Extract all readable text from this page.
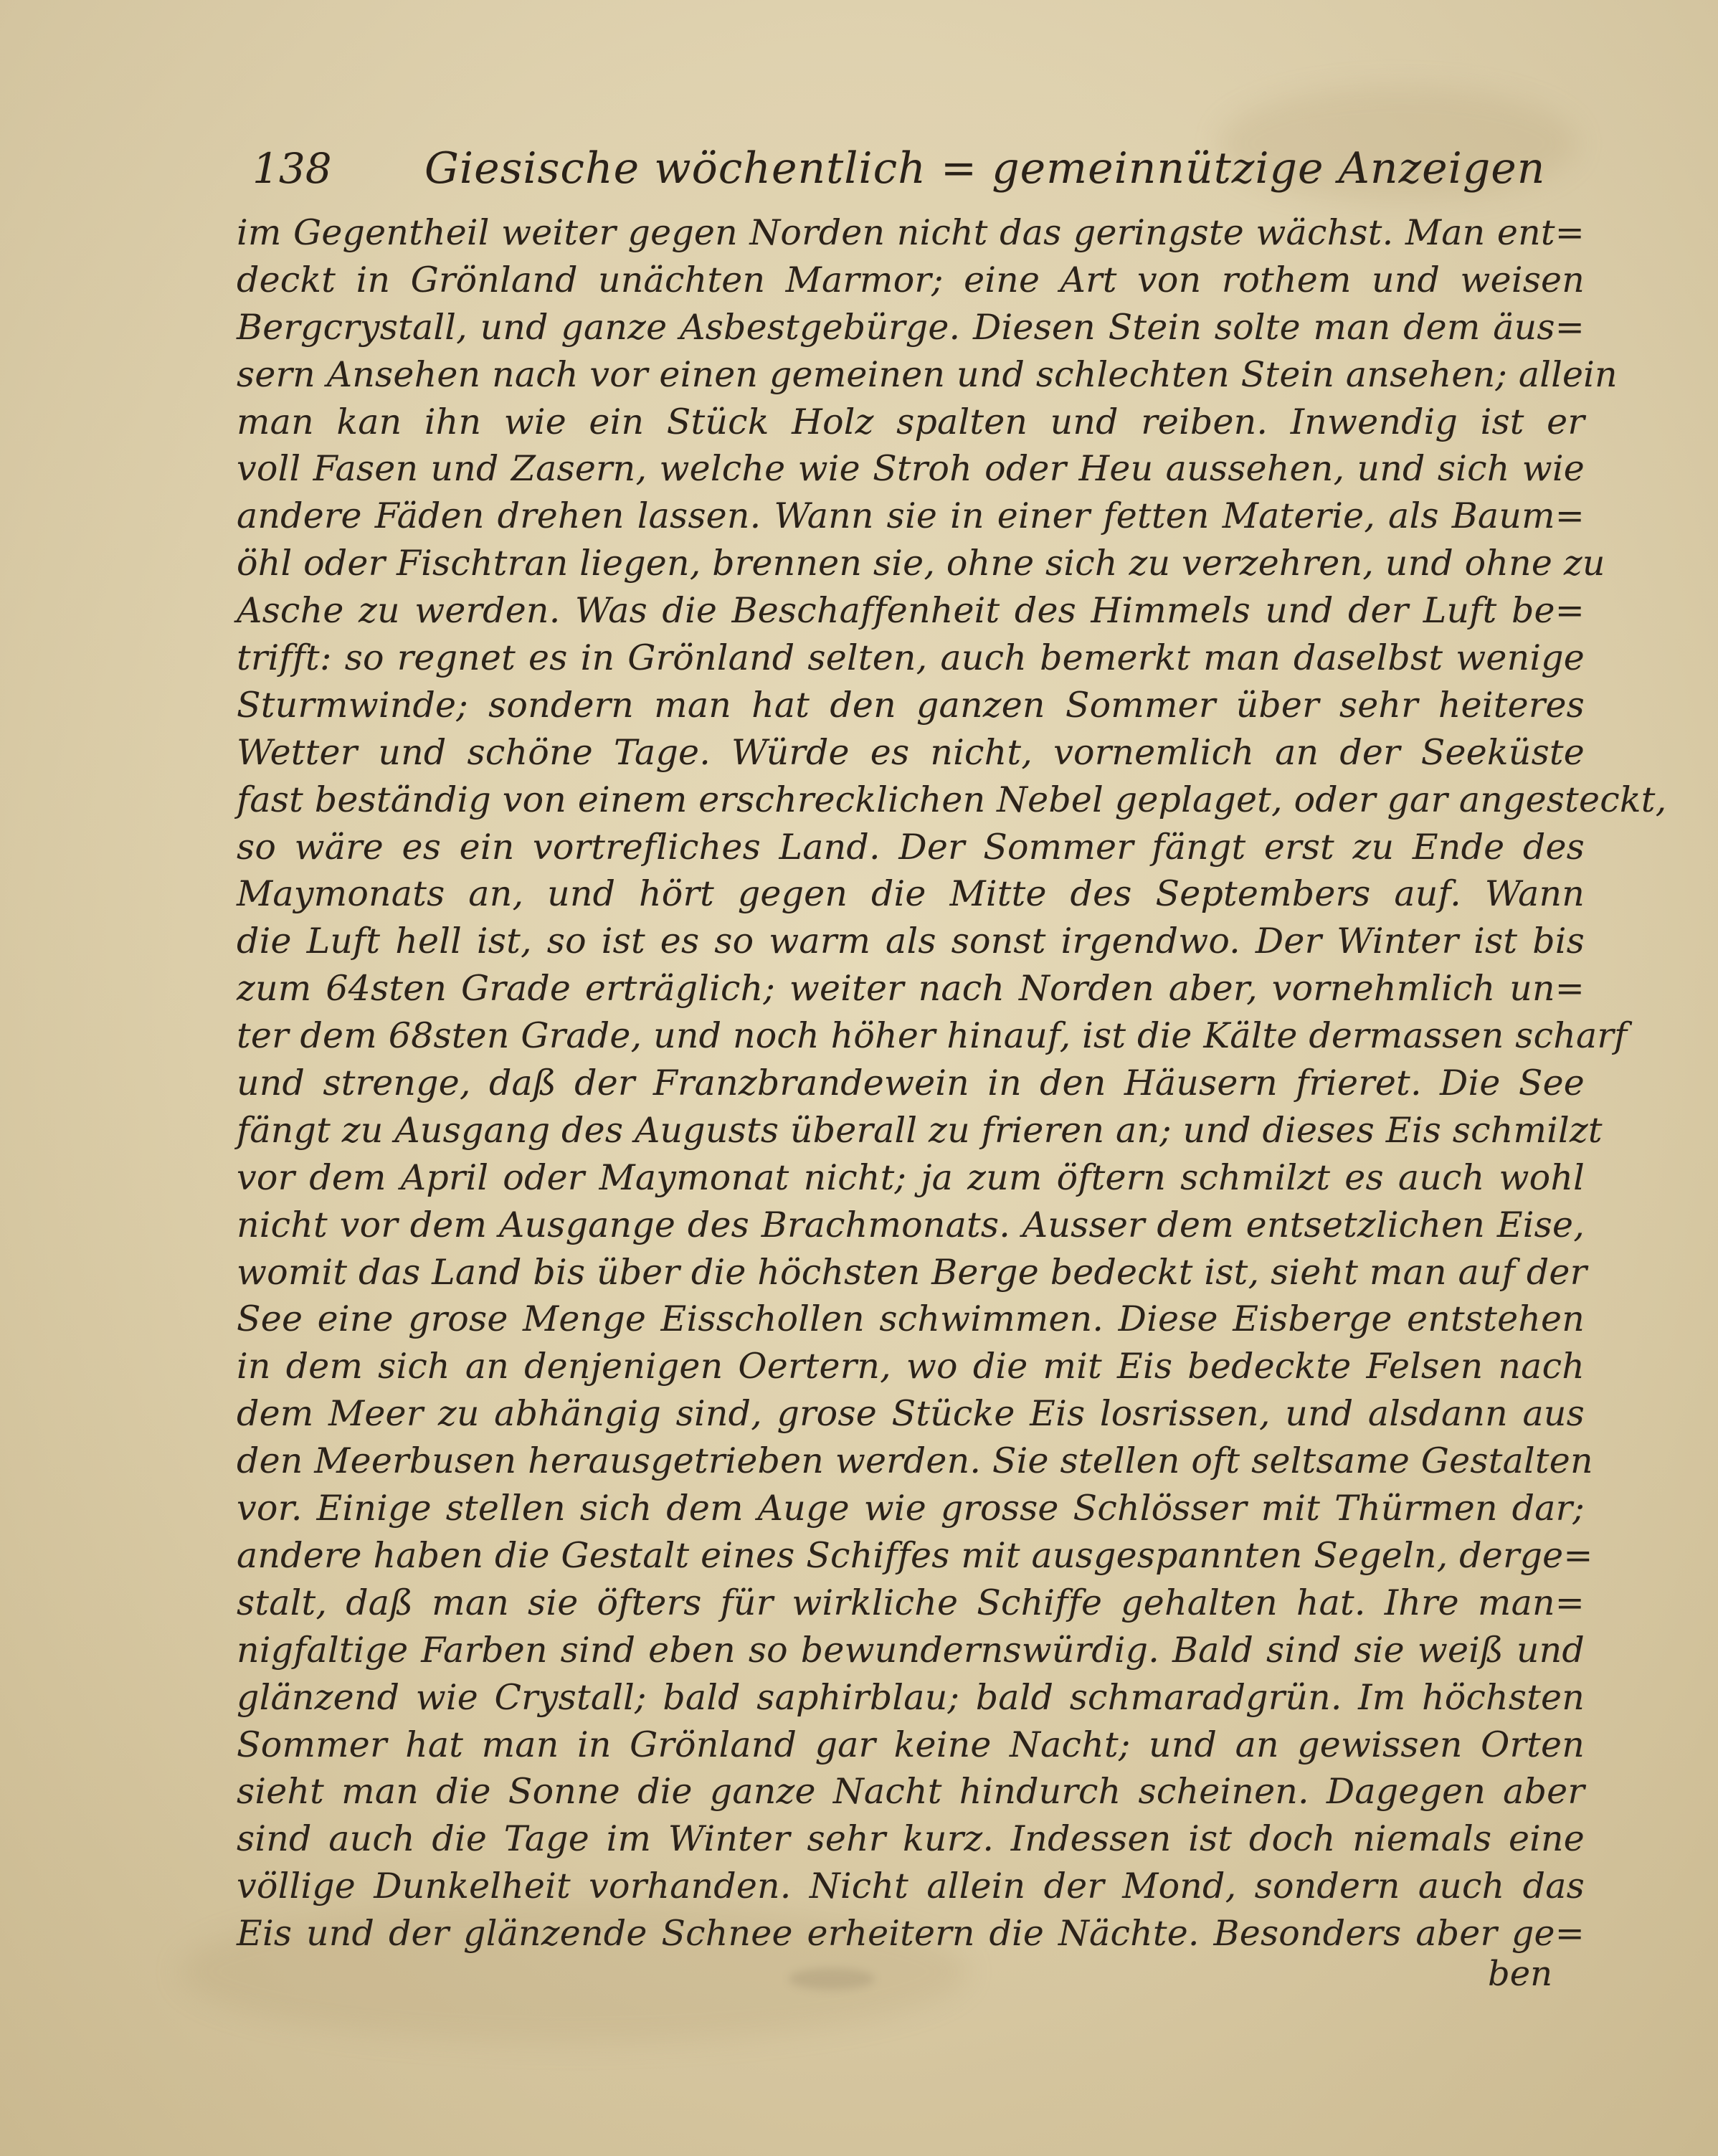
138 Giesische wöchentlich = gemeinnützige Anzeigen
im Gegentheil weiter gegen Norden nicht das geringste wächst. Man ent=
deckt in Grönland unächten Marmor; eine Art von rothem und weisen
Bergcrystall, und ganze Asbestgebürge. Diesen Stein solte man dem äus=
sern Ansehen nach vor einen gemeinen und schlechten Stein ansehen; allein
man kan ihn wie ein Stück Holz spalten und reiben. Inwendig ist er
voll Fasen und Zasern, welche wie Stroh oder Heu aussehen, und sich wie
andere Fäden drehen lassen. Wann sie in einer fetten Materie, als Baum=
öhl oder Fischtran liegen, brennen sie, ohne sich zu verzehren, und ohne zu
Asche zu werden. Was die Beschaffenheit des Himmels und der Luft be=
trifft: so regnet es in Grönland selten, auch bemerkt man daselbst wenige
Sturmwinde; sondern man hat den ganzen Sommer über sehr heiteres
Wetter und schöne Tage. Würde es nicht, vornemlich an der Seeküste
fast beständig von einem erschrecklichen Nebel geplaget, oder gar angesteckt,
so wäre es ein vortrefliches Land. Der Sommer fängt erst zu Ende des
Maymonats an, und hört gegen die Mitte des Septembers auf. Wann
die Luft hell ist, so ist es so warm als sonst irgendwo. Der Winter ist bis
zum 64sten Grade erträglich; weiter nach Norden aber, vornehmlich un=
ter dem 68sten Grade, und noch höher hinauf, ist die Kälte dermassen scharf
und strenge, daß der Franzbrandewein in den Häusern frieret. Die See
fängt zu Ausgang des Augusts überall zu frieren an; und dieses Eis schmilzt
vor dem April oder Maymonat nicht; ja zum öftern schmilzt es auch wohl
nicht vor dem Ausgange des Brachmonats. Ausser dem entsetzlichen Eise,
womit das Land bis über die höchsten Berge bedeckt ist, sieht man auf der
See eine grose Menge Eisschollen schwimmen. Diese Eisberge entstehen
in dem sich an denjenigen Oertern, wo die mit Eis bedeckte Felsen nach
dem Meer zu abhängig sind, grose Stücke Eis losrissen, und alsdann aus
den Meerbusen herausgetrieben werden. Sie stellen oft seltsame Gestalten
vor. Einige stellen sich dem Auge wie grosse Schlösser mit Thürmen dar;
andere haben die Gestalt eines Schiffes mit ausgespannten Segeln, derge=
stalt, daß man sie öfters für wirkliche Schiffe gehalten hat. Ihre man=
nigfaltige Farben sind eben so bewundernswürdig. Bald sind sie weiß und
glänzend wie Crystall; bald saphirblau; bald schmaradgrün. Im höchsten
Sommer hat man in Grönland gar keine Nacht; und an gewissen Orten
sieht man die Sonne die ganze Nacht hindurch scheinen. Dagegen aber
sind auch die Tage im Winter sehr kurz. Indessen ist doch niemals eine
völlige Dunkelheit vorhanden. Nicht allein der Mond, sondern auch das
Eis und der glänzende Schnee erheitern die Nächte. Besonders aber ge=
ben
